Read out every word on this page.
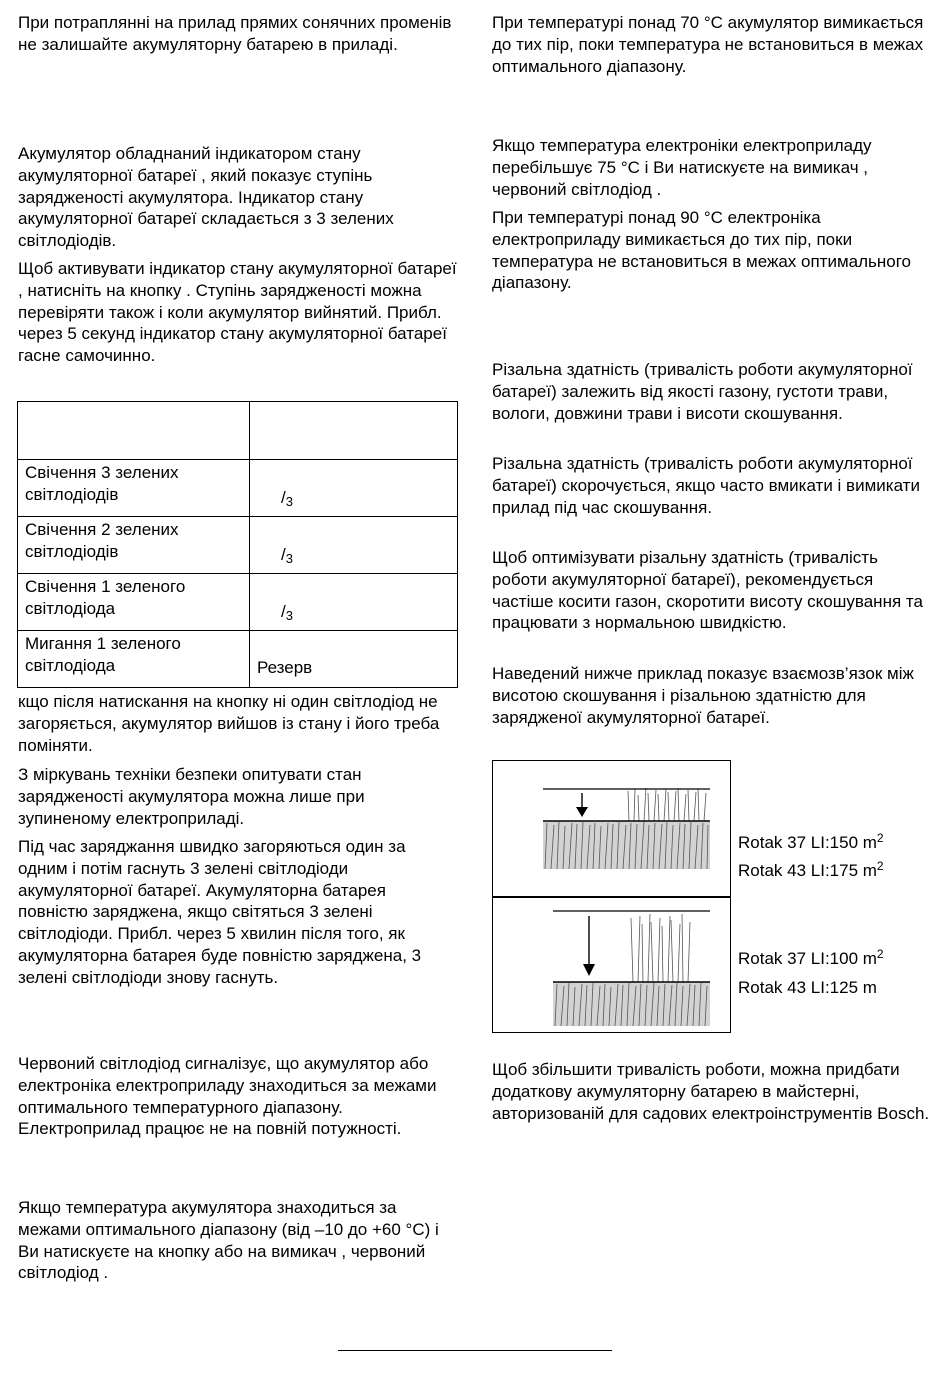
При потраплянні на прилад прямих сонячних променів не залишайте акумуляторну батарею в приладі.

Акумулятор обладнаний індикатором стану акумуляторної батареї , який показує ступінь зарядженості акумулятора. Індикатор стану акумуляторної батареї складається з 3 зелених світлодіодів.

Щоб активувати індикатор стану акумуляторної батареї , натисніть на кнопку . Ступінь зарядженості можна перевіряти також і коли акумулятор вийнятий. Прибл. через 5 секунд індикатор стану акумуляторної батареї гасне самочинно.

Свічення 3 зелених світлодіодів	$/_3$

Свічення 2 зелених світлодіодів	$/_3$

Свічення 1 зеленого світлодіода	$/_3$

Мигання 1 зеленого світлодіода	Резерв

кщо після натискання на кнопку ні один світлодіод не загоряється, акумулятор вийшов із стану і його треба поміняти.

З міркувань техніки безпеки опитувати стан зарядженості акумулятора можна лише при зупиненому електроприладі.

Під час заряджання швидко загоряються один за одним і потім гаснуть 3 зелені світлодіоди акумуляторної батареї. Акумуляторна батарея повністю заряджена, якщо світяться 3 зелені світлодіоди. Прибл. через 5 хвилин після того, як акумуляторна батарея буде повністю заряджена, 3 зелені світлодіоди знову гаснуть.

Червоний світлодіод сигналізує, що акумулятор або електроніка електроприладу знаходиться за межами оптимального температурного діапазону. Електроприлад працює не на повній потужності.

Якщо температура акумулятора знаходиться за межами оптимального діапазону (від –10 до +60 °C) і Ви натискуєте на кнопку або на вимикач , червоний світлодіод .

При температурі понад 70 °C акумулятор вимикається до тих пір, поки температура не встановиться в межах оптимального діапазону.

Якщо температура електроніки електроприладу перебільшує 75 °C і Ви натискуєте на вимикач , червоний світлодіод .

При температурі понад 90 °C електроніка електроприладу вимикається до тих пір, поки температура не встановиться в межах оптимального діапазону.

Різальна здатність (тривалість роботи акумуляторної батареї) залежить від якості газону, густоти трави, вологи, довжини трави і висоти скошування.

Різальна здатність (тривалість роботи акумуляторної батареї) скорочується, якщо часто вмикати і вимикати прилад під час скошування.

Щоб оптимізувати різальну здатність (тривалість роботи акумуляторної батареї), рекомендується частіше косити газон, скоротити висоту скошування та працювати з нормальною швидкістю.

Наведений нижче приклад показує взаємозв’язок між висотою скошування і різальною здатністю для зарядженої акумуляторної батареї.

Rotak 37 LI:150 $m^2$
Rotak 43 LI:175 $m^2$
Rotak 37 LI:100 $m^2$
Rotak 43 LI:125 m

Щоб збільшити тривалість роботи, можна придбати додаткову акумуляторну батарею в майстерні, авторизованій для садових електроінструментів Bosch.
